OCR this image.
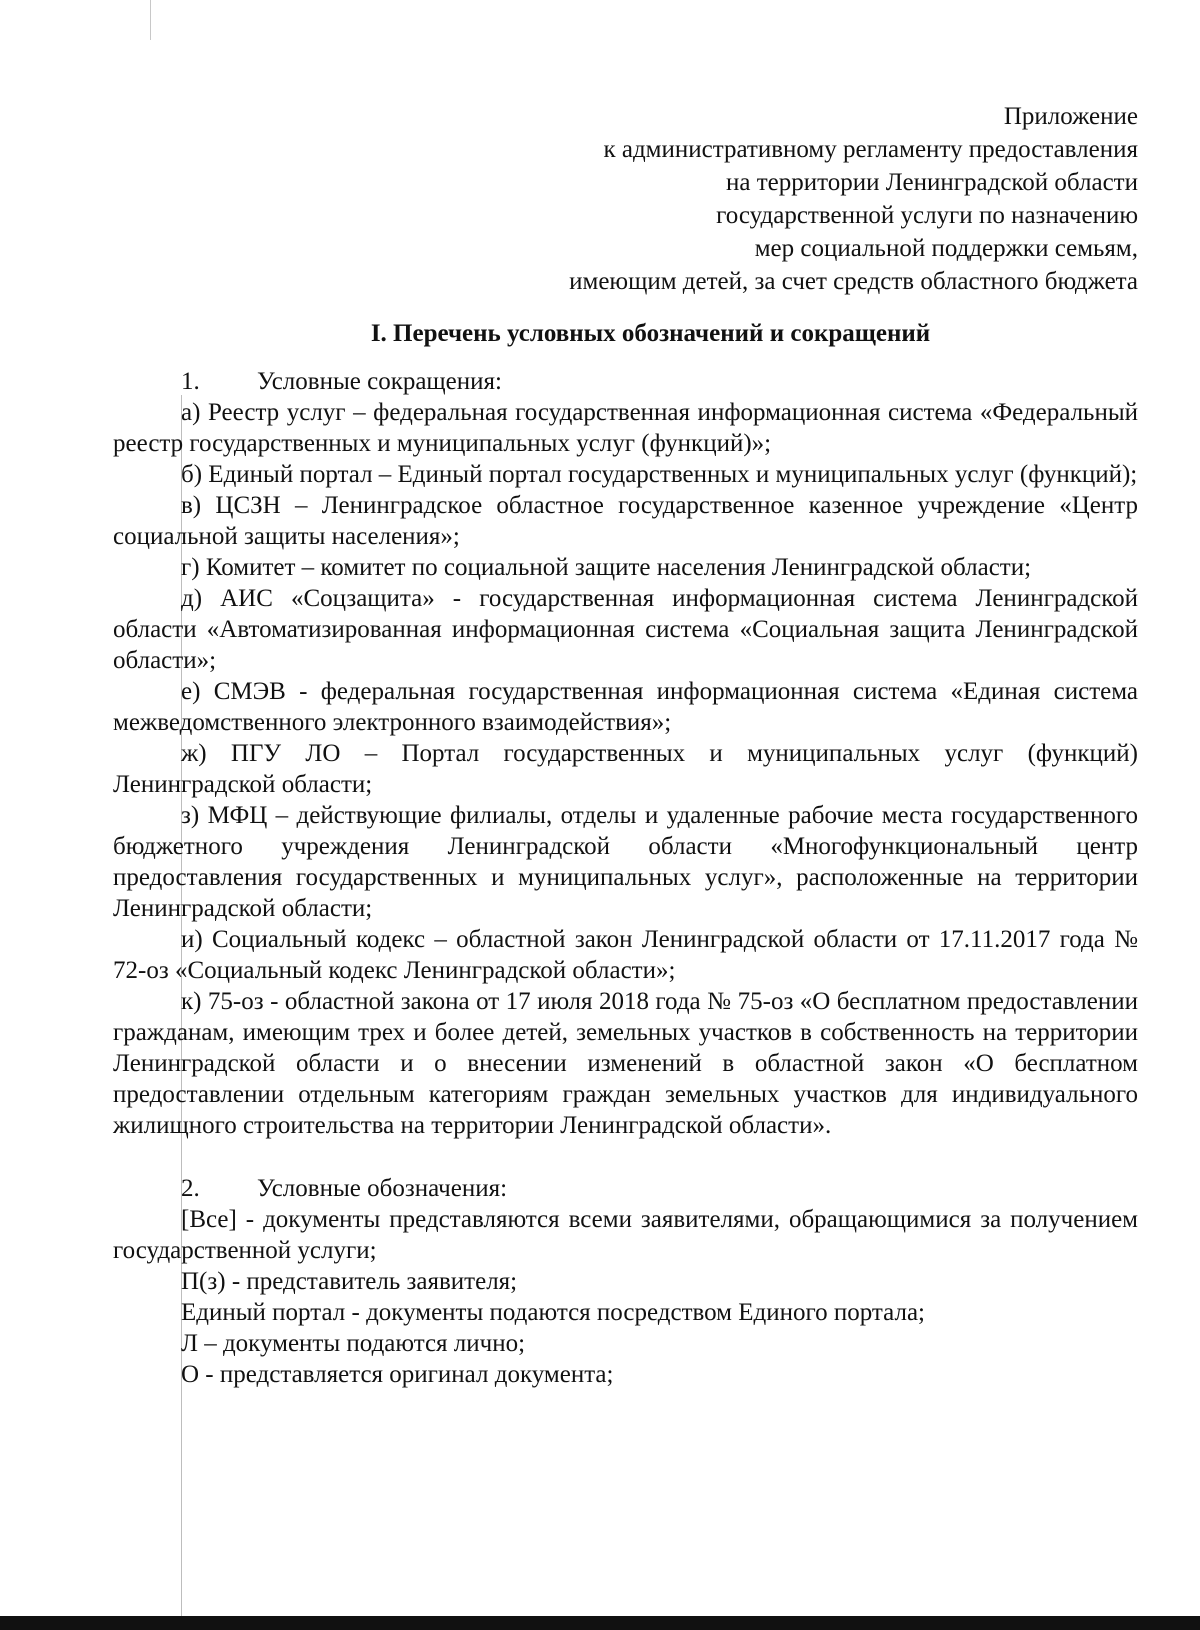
Приложение
к административному регламенту предоставления
на территории Ленинградской области
государственной услуги по назначению
мер социальной поддержки семьям,
имеющим детей, за счет средств областного бюджета
I. Перечень условных обозначений и сокращений

1. Условные сокращения:

а) Реестр услуг – федеральная государственная информационная система «Федеральный реестр государственных и муниципальных услуг (функций)»;

б) Единый портал – Единый портал государственных и муниципальных услуг (функций);

в) ЦСЗН – Ленинградское областное государственное казенное учреждение «Центр социальной защиты населения»;

г) Комитет – комитет по социальной защите населения Ленинградской области;

д) АИС «Соцзащита» - государственная информационная система Ленинградской области «Автоматизированная информационная система «Социальная защита Ленинградской области»;

е) СМЭВ - федеральная государственная информационная система «Единая система межведомственного электронного взаимодействия»;

ж) ПГУ ЛО – Портал государственных и муниципальных услуг (функций) Ленинградской области;

з) МФЦ – действующие филиалы, отделы и удаленные рабочие места государственного бюджетного учреждения Ленинградской области «Многофункциональный центр предоставления государственных и муниципальных услуг», расположенные на территории Ленинградской области;

и) Социальный кодекс – областной закон Ленинградской области от 17.11.2017 года № 72-оз «Социальный кодекс Ленинградской области»;

к) 75-оз - областной закона от 17 июля 2018 года № 75-оз «О бесплатном предоставлении гражданам, имеющим трех и более детей, земельных участков в собственность на территории Ленинградской области и о внесении изменений в областной закон «О бесплатном предоставлении отдельным категориям граждан земельных участков для индивидуального жилищного строительства на территории Ленинградской области».

2. Условные обозначения:

[Все] - документы представляются всеми заявителями, обращающимися за получением государственной услуги;

П(з) - представитель заявителя;

Единый портал - документы подаются посредством Единого портала;

Л – документы подаются лично;

О - представляется оригинал документа;
